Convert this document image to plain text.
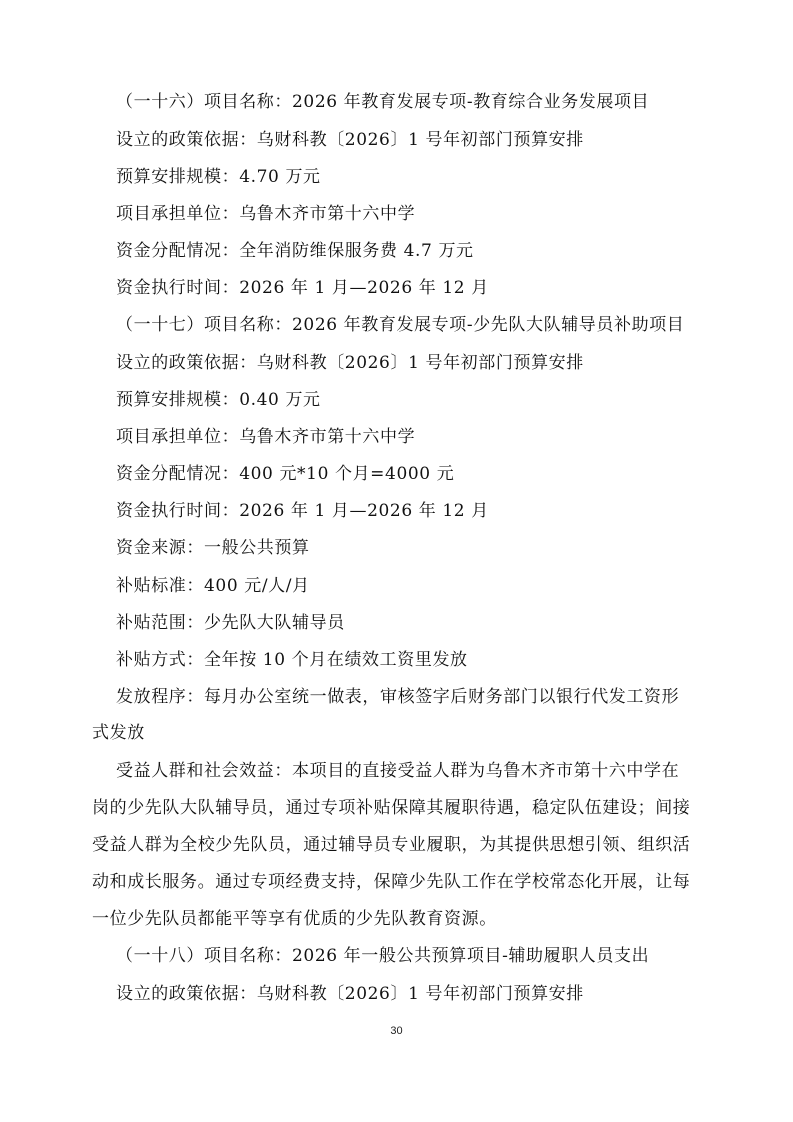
（一十六）项目名称：2026 年教育发展专项-教育综合业务发展项目
设立的政策依据：乌财科教〔2026〕1 号年初部门预算安排
预算安排规模：4.70 万元
项目承担单位：乌鲁木齐市第十六中学
资金分配情况：全年消防维保服务费 4.7 万元
资金执行时间：2026 年 1 月—2026 年 12 月
（一十七）项目名称：2026 年教育发展专项-少先队大队辅导员补助项目
设立的政策依据：乌财科教〔2026〕1 号年初部门预算安排
预算安排规模：0.40 万元
项目承担单位：乌鲁木齐市第十六中学
资金分配情况：400 元*10 个月=4000 元
资金执行时间：2026 年 1 月—2026 年 12 月
资金来源：一般公共预算
补贴标准：400 元/人/月
补贴范围：少先队大队辅导员
补贴方式：全年按 10 个月在绩效工资里发放
发放程序：每月办公室统一做表，审核签字后财务部门以银行代发工资形
式发放
受益人群和社会效益：本项目的直接受益人群为乌鲁木齐市第十六中学在
岗的少先队大队辅导员，通过专项补贴保障其履职待遇，稳定队伍建设；间接
受益人群为全校少先队员，通过辅导员专业履职，为其提供思想引领、组织活
动和成长服务。通过专项经费支持，保障少先队工作在学校常态化开展，让每
一位少先队员都能平等享有优质的少先队教育资源。
（一十八）项目名称：2026 年一般公共预算项目-辅助履职人员支出
设立的政策依据：乌财科教〔2026〕1 号年初部门预算安排
30
